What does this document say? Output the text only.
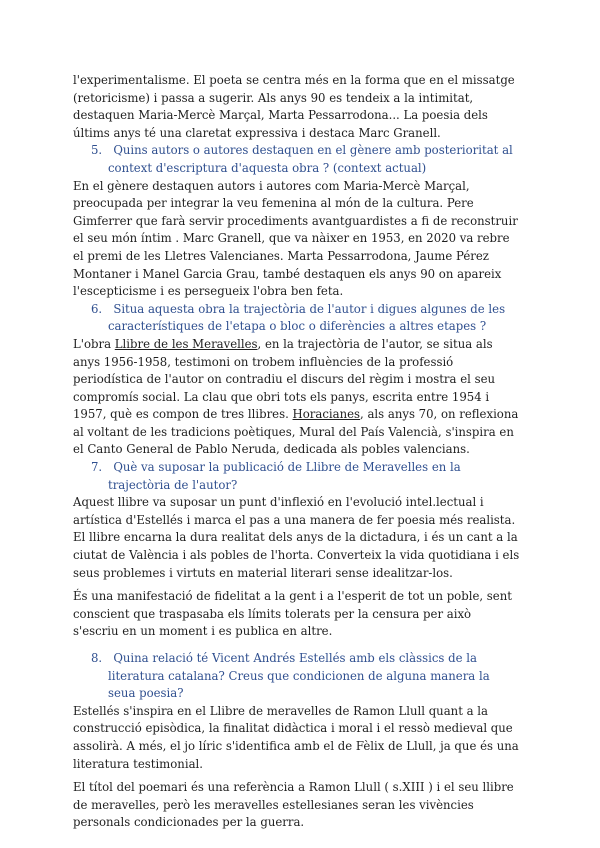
l'experimentalisme. El poeta se centra més en la forma que en el missatge (retoricisme) i passa a sugerir. Als anys 90 es tendeix a la intimitat, destaquen Maria-Mercè Marçal, Marta Pessarrodona... La poesia dels últims anys té una claretat expressiva i destaca Marc Granell.

5. Quins autors o autores destaquen en el gènere amb posterioritat al context d'escriptura d'aquesta obra ? (context actual)

En el gènere destaquen autors i autores com Maria-Mercè Marçal, preocupada per integrar la veu femenina al món de la cultura. Pere Gimferrer que farà servir procediments avantguardistes a fi de reconstruir el seu món íntim . Marc Granell, que va nàixer en 1953, en 2020 va rebre el premi de les Lletres Valencianes. Marta Pessarrodona, Jaume Pérez Montaner i Manel Garcia Grau, també destaquen els anys 90 on apareix l'escepticisme i es persegueix l'obra ben feta.

6. Situa aquesta obra la trajectòria de l'autor i digues algunes de les característiques de l'etapa o bloc o diferències a altres etapes ?

L'obra Llibre de les Meravelles, en la trajectòria de l'autor, se situa als anys 1956-1958, testimoni on trobem influències de la professió periodística de l'autor on contradiu el discurs del règim i mostra el seu compromís social. La clau que obri tots els panys, escrita entre 1954 i 1957, què es compon de tres llibres. Horacianes, als anys 70, on reflexiona al voltant de les tradicions poètiques, Mural del País Valencià, s'inspira en el Canto General de Pablo Neruda, dedicada als pobles valencians.

7. Què va suposar la publicació de Llibre de Meravelles en la trajectòria de l'autor?

Aquest llibre va suposar un punt d'inflexió en l'evolució intel.lectual i artística d'Estellés i marca el pas a una manera de fer poesia més realista. El llibre encarna la dura realitat dels anys de la dictadura, i és un cant a la ciutat de València i als pobles de l'horta. Converteix la vida quotidiana i els seus problemes i virtuts en material literari sense idealitzar-los.

És una manifestació de fidelitat a la gent i a l'esperit de tot un poble, sent conscient que traspasaba els límits tolerats per la censura per això s'escriu en un moment i es publica en altre.

8. Quina relació té Vicent Andrés Estellés amb els clàssics de la literatura catalana? Creus que condicionen de alguna manera la seua poesia?

Estellés s'inspira en el Llibre de meravelles de Ramon Llull quant a la construcció episòdica, la finalitat didàctica i moral i el ressò medieval que assolirà. A més, el jo líric s'identifica amb el de Fèlix de Llull, ja que és una literatura testimonial.

El títol del poemari és una referència a Ramon Llull ( s.XIII ) i el seu llibre de meravelles, però les meravelles estellesianes seran les vivències personals condicionades per la guerra.
